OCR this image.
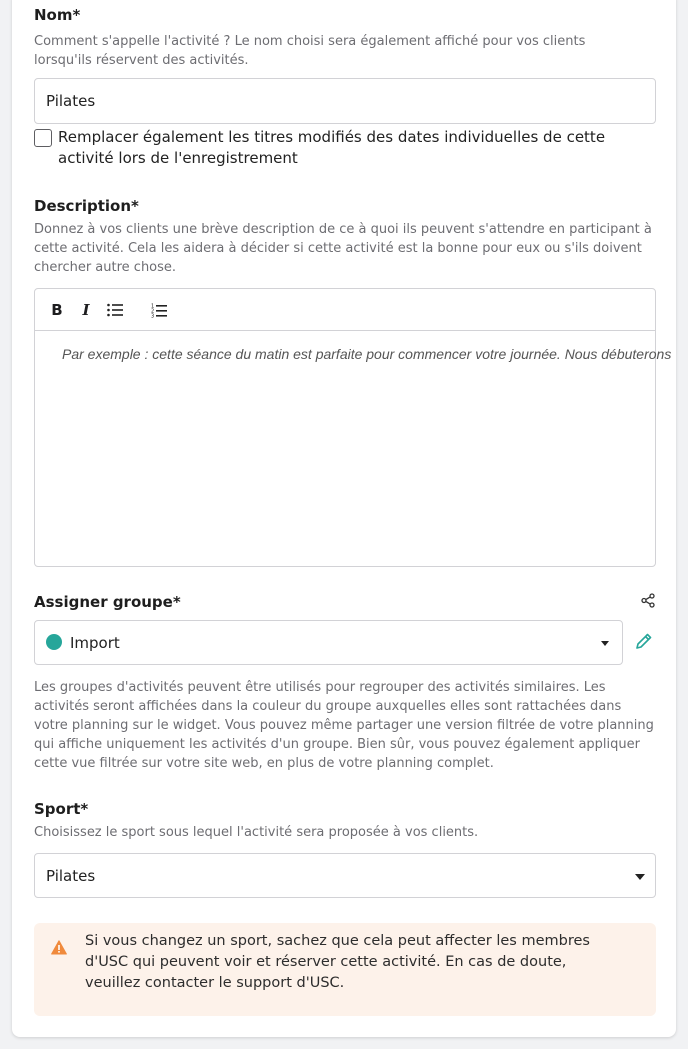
Nom*
Comment s'appelle l'activité ? Le nom choisi sera également affiché pour vos clients lorsqu'ils réservent des activités.
Pilates
Remplacer également les titres modifiés des dates individuelles de cette activité lors de l'enregistrement
Description*
Donnez à vos clients une brève description de ce à quoi ils peuvent s'attendre en participant à cette activité. Cela les aidera à décider si cette activité est la bonne pour eux ou s'ils doivent chercher autre chose.
B	I	1
2
3
Par exemple : cette séance du matin est parfaite pour commencer votre journée. Nous débuterons
Assigner groupe*
Import
Les groupes d'activités peuvent être utilisés pour regrouper des activités similaires. Les activités seront affichées dans la couleur du groupe auxquelles elles sont rattachées dans votre planning sur le widget. Vous pouvez même partager une version filtrée de votre planning qui affiche uniquement les activités d'un groupe. Bien sûr, vous pouvez également appliquer cette vue filtrée sur votre site web, en plus de votre planning complet.
Sport*
Choisissez le sport sous lequel l'activité sera proposée à vos clients.
Pilates
Si vous changez un sport, sachez que cela peut affecter les membres d'USC qui peuvent voir et réserver cette activité. En cas de doute, veuillez contacter le support d'USC.
